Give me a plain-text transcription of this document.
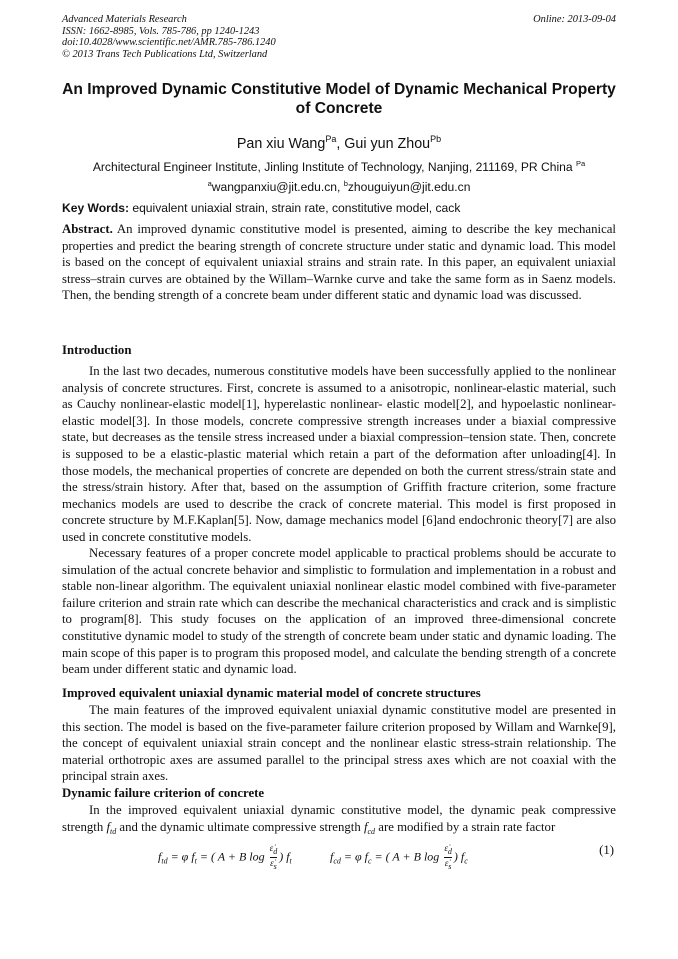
Advanced Materials Research
ISSN: 1662-8985, Vols. 785-786, pp 1240-1243
doi:10.4028/www.scientific.net/AMR.785-786.1240
© 2013 Trans Tech Publications Ltd, Switzerland
Online: 2013-09-04
An Improved Dynamic Constitutive Model of Dynamic Mechanical Property of Concrete
Pan xiu Wang$^{Pa}$, Gui yun Zhou$^{Pb}$
Architectural Engineer Institute, Jinling Institute of Technology, Nanjing, 211169, PR China $^{Pa}$
$^a$wangpanxiu@jit.edu.cn, $^b$zhouguiyun@jit.edu.cn
Key Words: equivalent uniaxial strain, strain rate, constitutive model, cack
Abstract. An improved dynamic constitutive model is presented, aiming to describe the key mechanical properties and predict the bearing strength of concrete structure under static and dynamic load. This model is based on the concept of equivalent uniaxial strains and strain rate. In this paper, an equivalent uniaxial stress–strain curves are obtained by the Willam–Warnke curve and take the same form as in Saenz models. Then, the bending strength of a concrete beam under different static and dynamic load was discussed.
Introduction
In the last two decades, numerous constitutive models have been successfully applied to the nonlinear analysis of concrete structures. First, concrete is assumed to a anisotropic, nonlinear-elastic material, such as Cauchy nonlinear-elastic model[1], hyperelastic nonlinear- elastic model[2], and hypoelastic nonlinear-elastic model[3]. In those models, concrete compressive strength increases under a biaxial compressive state, but decreases as the tensile stress increased under a biaxial compression–tension state. Then, concrete is supposed to be a elastic-plastic material which retain a part of the deformation after unloading[4]. In those models, the mechanical properties of concrete are depended on both the current stress/strain state and the stress/strain history. After that, based on the assumption of Griffith fracture criterion, some fracture mechanics models are used to describe the crack of concrete material. This model is first proposed in concrete structure by M.F.Kaplan[5]. Now, damage mechanics model [6]and endochronic theory[7] are also used in concrete constitutive models.
Necessary features of a proper concrete model applicable to practical problems should be accurate to simulation of the actual concrete behavior and simplistic to formulation and implementation in a robust and stable non-linear algorithm. The equivalent uniaxial nonlinear elastic model combined with five-parameter failure criterion and strain rate which can describe the mechanical characteristics and crack and is simplistic to program[8]. This study focuses on the application of an improved three-dimensional concrete constitutive dynamic model to study of the strength of concrete beam under static and dynamic loading. The main scope of this paper is to program this proposed model, and calculate the bending strength of a concrete beam under different static and dynamic load.
Improved equivalent uniaxial dynamic material model of concrete structures
The main features of the improved equivalent uniaxial dynamic constitutive model are presented in this section. The model is based on the five-parameter failure criterion proposed by Willam and Warnke[9], the concept of equivalent uniaxial strain concept and the nonlinear elastic stress-strain relationship. The material orthotropic axes are assumed parallel to the principal stress axes which are not coaxial with the principal strain axes.
Dynamic failure criterion of concrete
In the improved equivalent uniaxial dynamic constitutive model, the dynamic peak compressive strength $f_{td}$ and the dynamic ultimate compressive strength $f_{cd}$ are modified by a strain rate factor
$f_{td} = \varphi$ $f_t$ = ( A + B $\log \frac{\varepsiloṅ_d}{\varepsiloṅ_s}$ ) $f_t$	$f_{cd} = \varphi$ $f_c$ = ( A + B $\log \frac{\varepsiloṅ_d}{\varepsiloṅ_s}$ ) $f_c$
(1)
